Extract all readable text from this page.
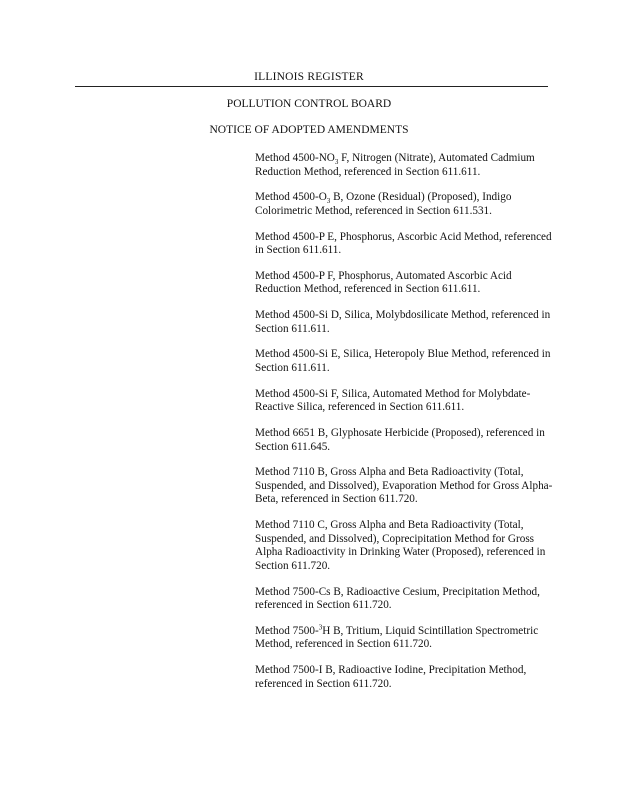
ILLINOIS REGISTER
POLLUTION CONTROL BOARD
NOTICE OF ADOPTED AMENDMENTS
Method $4500-NO_3$ F, Nitrogen (Nitrate), Automated Cadmium Reduction Method, referenced in Section 611.611.
Method $4500-O_3$ B, Ozone (Residual) (Proposed), Indigo Colorimetric Method, referenced in Section 611.531.
Method 4500-P E, Phosphorus, Ascorbic Acid Method, referenced in Section 611.611.
Method 4500-P F, Phosphorus, Automated Ascorbic Acid Reduction Method, referenced in Section 611.611.
Method 4500-Si D, Silica, Molybdosilicate Method, referenced in Section 611.611.
Method 4500-Si E, Silica, Heteropoly Blue Method, referenced in Section 611.611.
Method 4500-Si F, Silica, Automated Method for Molybdate-Reactive Silica, referenced in Section 611.611.
Method 6651 B, Glyphosate Herbicide (Proposed), referenced in Section 611.645.
Method 7110 B, Gross Alpha and Beta Radioactivity (Total, Suspended, and Dissolved), Evaporation Method for Gross Alpha-Beta, referenced in Section 611.720.
Method 7110 C, Gross Alpha and Beta Radioactivity (Total, Suspended, and Dissolved), Coprecipitation Method for Gross Alpha Radioactivity in Drinking Water (Proposed), referenced in Section 611.720.
Method 7500-Cs B, Radioactive Cesium, Precipitation Method, referenced in Section 611.720.
Method 7500-$^3$H B, Tritium, Liquid Scintillation Spectrometric Method, referenced in Section 611.720.
Method 7500-I B, Radioactive Iodine, Precipitation Method, referenced in Section 611.720.
